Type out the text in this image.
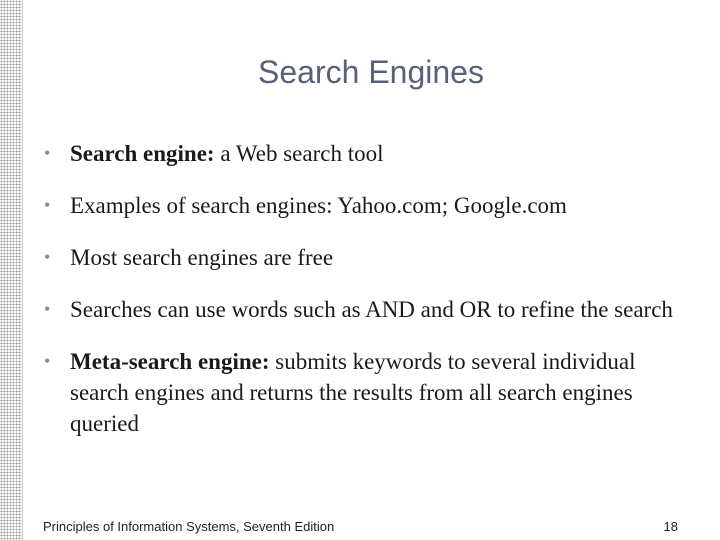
Search Engines
• Search engine: a Web search tool
• Examples of search engines: Yahoo.com; Google.com
• Most search engines are free
• Searches can use words such as AND and OR to refine the search
• Meta-search engine: submits keywords to several individual search engines and returns the results from all search engines queried
Principles of Information Systems, Seventh Edition	18
